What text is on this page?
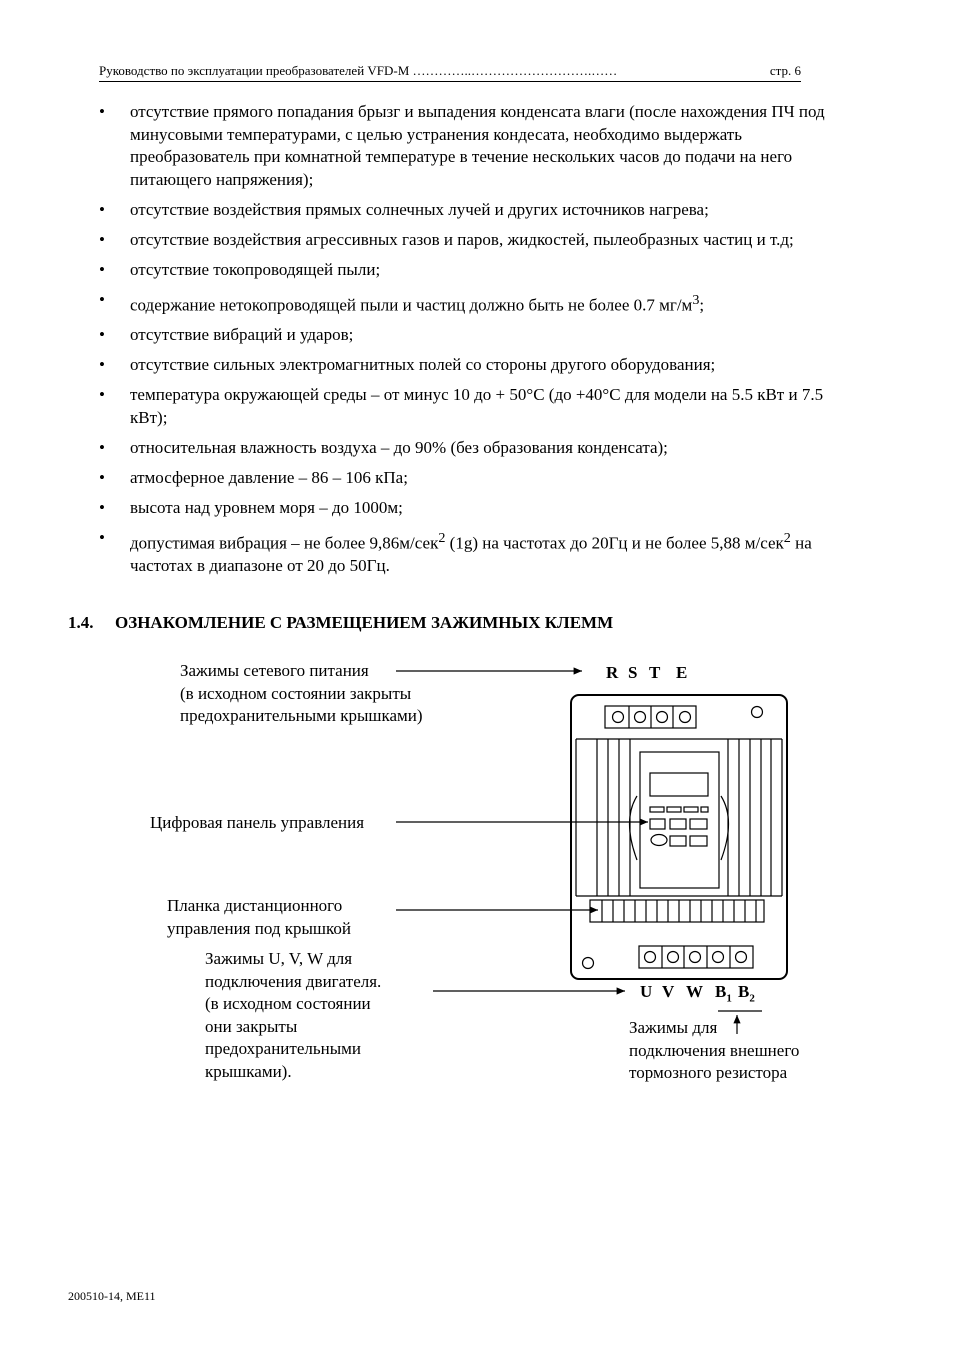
Руководство по эксплуатации преобразователей VFD-M …………..……………………….……	стр. 6
• отсутствие прямого попадания брызг и выпадения конденсата влаги (после нахождения ПЧ под минусовыми температурами, с целью устранения кондесата, необходимо выдержать преобразователь при комнатной температуре в течение нескольких часов до подачи на него питающего напряжения);
• отсутствие воздействия прямых солнечных лучей и других источников нагрева;
• отсутствие воздействия агрессивных газов и паров, жидкостей, пылеобразных частиц и т.д;
• отсутствие токопроводящей пыли;
• содержание нетокопроводящей пыли и частиц должно быть не более 0.7 $мг/м^3$;
• отсутствие вибраций и ударов;
• отсутствие сильных электромагнитных полей со стороны другого оборудования;
• температура окружающей среды – от минус 10 до + 50°С (до +40°С для модели на 5.5 кВт и 7.5 кВт);
• относительная влажность воздуха – до 90% (без образования конденсата);
• атмосферное давление – 86 – 106 кПа;
• высота над уровнем моря – до 1000м;
• допустимая вибрация – не более 9,86м/сек$^2$ (1g) на частотах до 20Гц и не более 5,88 м/сек$^2$ на частотах в диапазоне от 20 до 50Гц.
1.4. ОЗНАКОМЛЕНИЕ С РАЗМЕЩЕНИЕМ ЗАЖИМНЫХ КЛЕММ
Зажимы сетевого питания
(в исходном состоянии закрыты
предохранительными крышками)
R S T E
Цифровая панель управления
Планка дистанционного
управления под крышкой
Зажимы U, V, W для
подключения двигателя.
(в исходном состоянии
они закрыты
предохранительными
крышками).
U V W $B_1$ $B_2$
Зажимы для
подключения внешнего
тормозного резистора
200510-14, ME11
